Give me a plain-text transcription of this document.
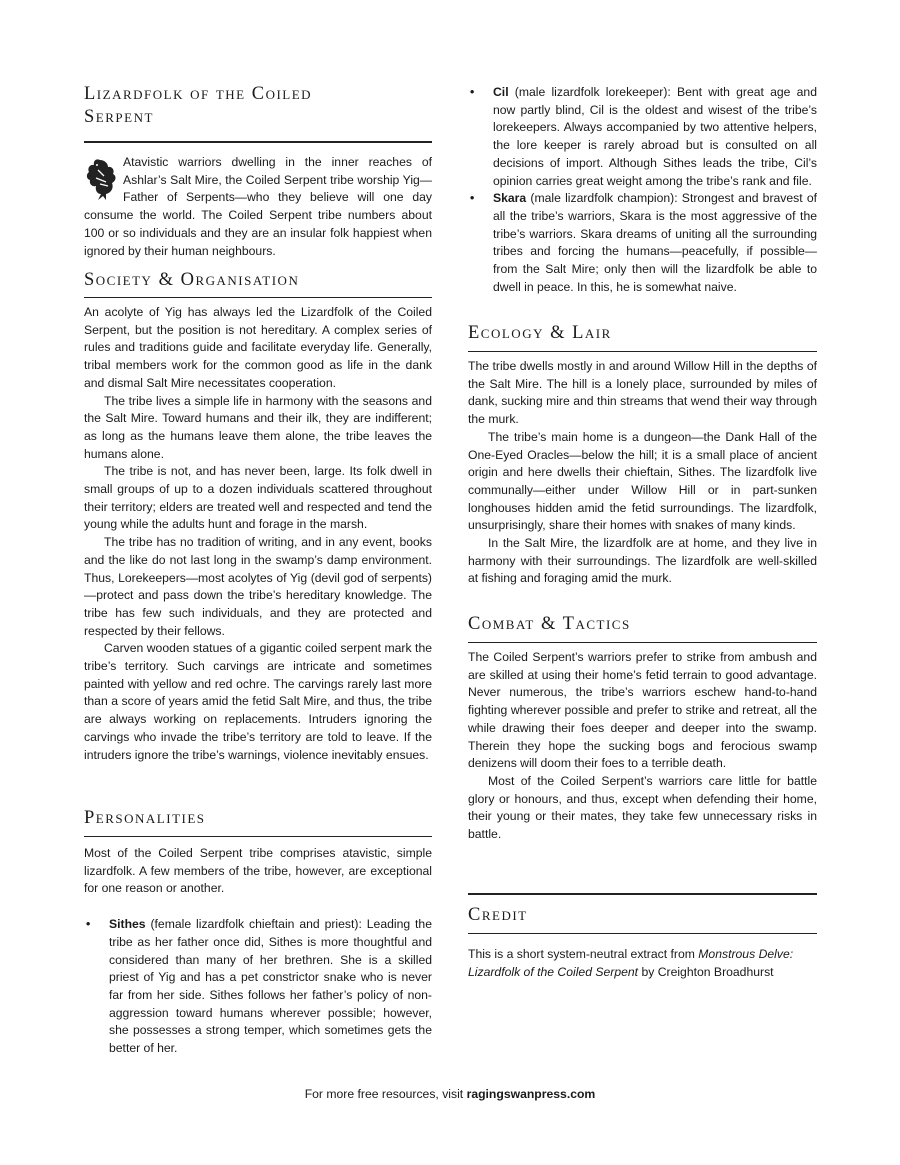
Lizardfolk of the Coiled
Serpent

Atavistic warriors dwelling in the inner reaches of Ashlar’s Salt Mire, the Coiled Serpent tribe worship Yig—Father of Serpents—who they believe will one day consume the world. The Coiled Serpent tribe numbers about 100 or so individuals and they are an insular folk happiest when ignored by their human neighbours.

Society & Organisation

An acolyte of Yig has always led the Lizardfolk of the Coiled Serpent, but the position is not hereditary. A complex series of rules and traditions guide and facilitate everyday life. Generally, tribal members work for the common good as life in the dank and dismal Salt Mire necessitates cooperation.

The tribe lives a simple life in harmony with the seasons and the Salt Mire. Toward humans and their ilk, they are indifferent; as long as the humans leave them alone, the tribe leaves the humans alone.

The tribe is not, and has never been, large. Its folk dwell in small groups of up to a dozen individuals scattered throughout their territory; elders are treated well and respected and tend the young while the adults hunt and forage in the marsh.

The tribe has no tradition of writing, and in any event, books and the like do not last long in the swamp’s damp environment. Thus, Lorekeepers—most acolytes of Yig (devil god of serpents)—protect and pass down the tribe’s hereditary knowledge. The tribe has few such individuals, and they are protected and respected by their fellows.

Carven wooden statues of a gigantic coiled serpent mark the tribe’s territory. Such carvings are intricate and sometimes painted with yellow and red ochre. The carvings rarely last more than a score of years amid the fetid Salt Mire, and thus, the tribe are always working on replacements. Intruders ignoring the carvings who invade the tribe’s territory are told to leave. If the intruders ignore the tribe’s warnings, violence inevitably ensues.

Personalities

Most of the Coiled Serpent tribe comprises atavistic, simple lizardfolk. A few members of the tribe, however, are exceptional for one reason or another.

• Sithes (female lizardfolk chieftain and priest): Leading the tribe as her father once did, Sithes is more thoughtful and considered than many of her brethren. She is a skilled priest of Yig and has a pet constrictor snake who is never far from her side. Sithes follows her father’s policy of non-aggression toward humans wherever possible; however, she possesses a strong temper, which sometimes gets the better of her.
• Cil (male lizardfolk lorekeeper): Bent with great age and now partly blind, Cil is the oldest and wisest of the tribe’s lorekeepers. Always accompanied by two attentive helpers, the lore keeper is rarely abroad but is consulted on all decisions of import. Although Sithes leads the tribe, Cil’s opinion carries great weight among the tribe’s rank and file.
• Skara (male lizardfolk champion): Strongest and bravest of all the tribe’s warriors, Skara is the most aggressive of the tribe’s warriors. Skara dreams of uniting all the surrounding tribes and forcing the humans—peacefully, if possible—from the Salt Mire; only then will the lizardfolk be able to dwell in peace. In this, he is somewhat naive.
Ecology & Lair

The tribe dwells mostly in and around Willow Hill in the depths of the Salt Mire. The hill is a lonely place, surrounded by miles of dank, sucking mire and thin streams that wend their way through the murk.

The tribe’s main home is a dungeon—the Dank Hall of the One-Eyed Oracles—below the hill; it is a small place of ancient origin and here dwells their chieftain, Sithes. The lizardfolk live communally—either under Willow Hill or in part-sunken longhouses hidden amid the fetid surroundings. The lizardfolk, unsurprisingly, share their homes with snakes of many kinds.

In the Salt Mire, the lizardfolk are at home, and they live in harmony with their surroundings. The lizardfolk are well-skilled at fishing and foraging amid the murk.

Combat & Tactics

The Coiled Serpent’s warriors prefer to strike from ambush and are skilled at using their home’s fetid terrain to good advantage. Never numerous, the tribe’s warriors eschew hand-to-hand fighting wherever possible and prefer to strike and retreat, all the while drawing their foes deeper and deeper into the swamp. Therein they hope the sucking bogs and ferocious swamp denizens will doom their foes to a terrible death.

Most of the Coiled Serpent’s warriors care little for battle glory or honours, and thus, except when defending their home, their young or their mates, they take few unnecessary risks in battle.

Credit

This is a short system-neutral extract from Monstrous Delve: Lizardfolk of the Coiled Serpent by Creighton Broadhurst

For more free resources, visit ragingswanpress.com
